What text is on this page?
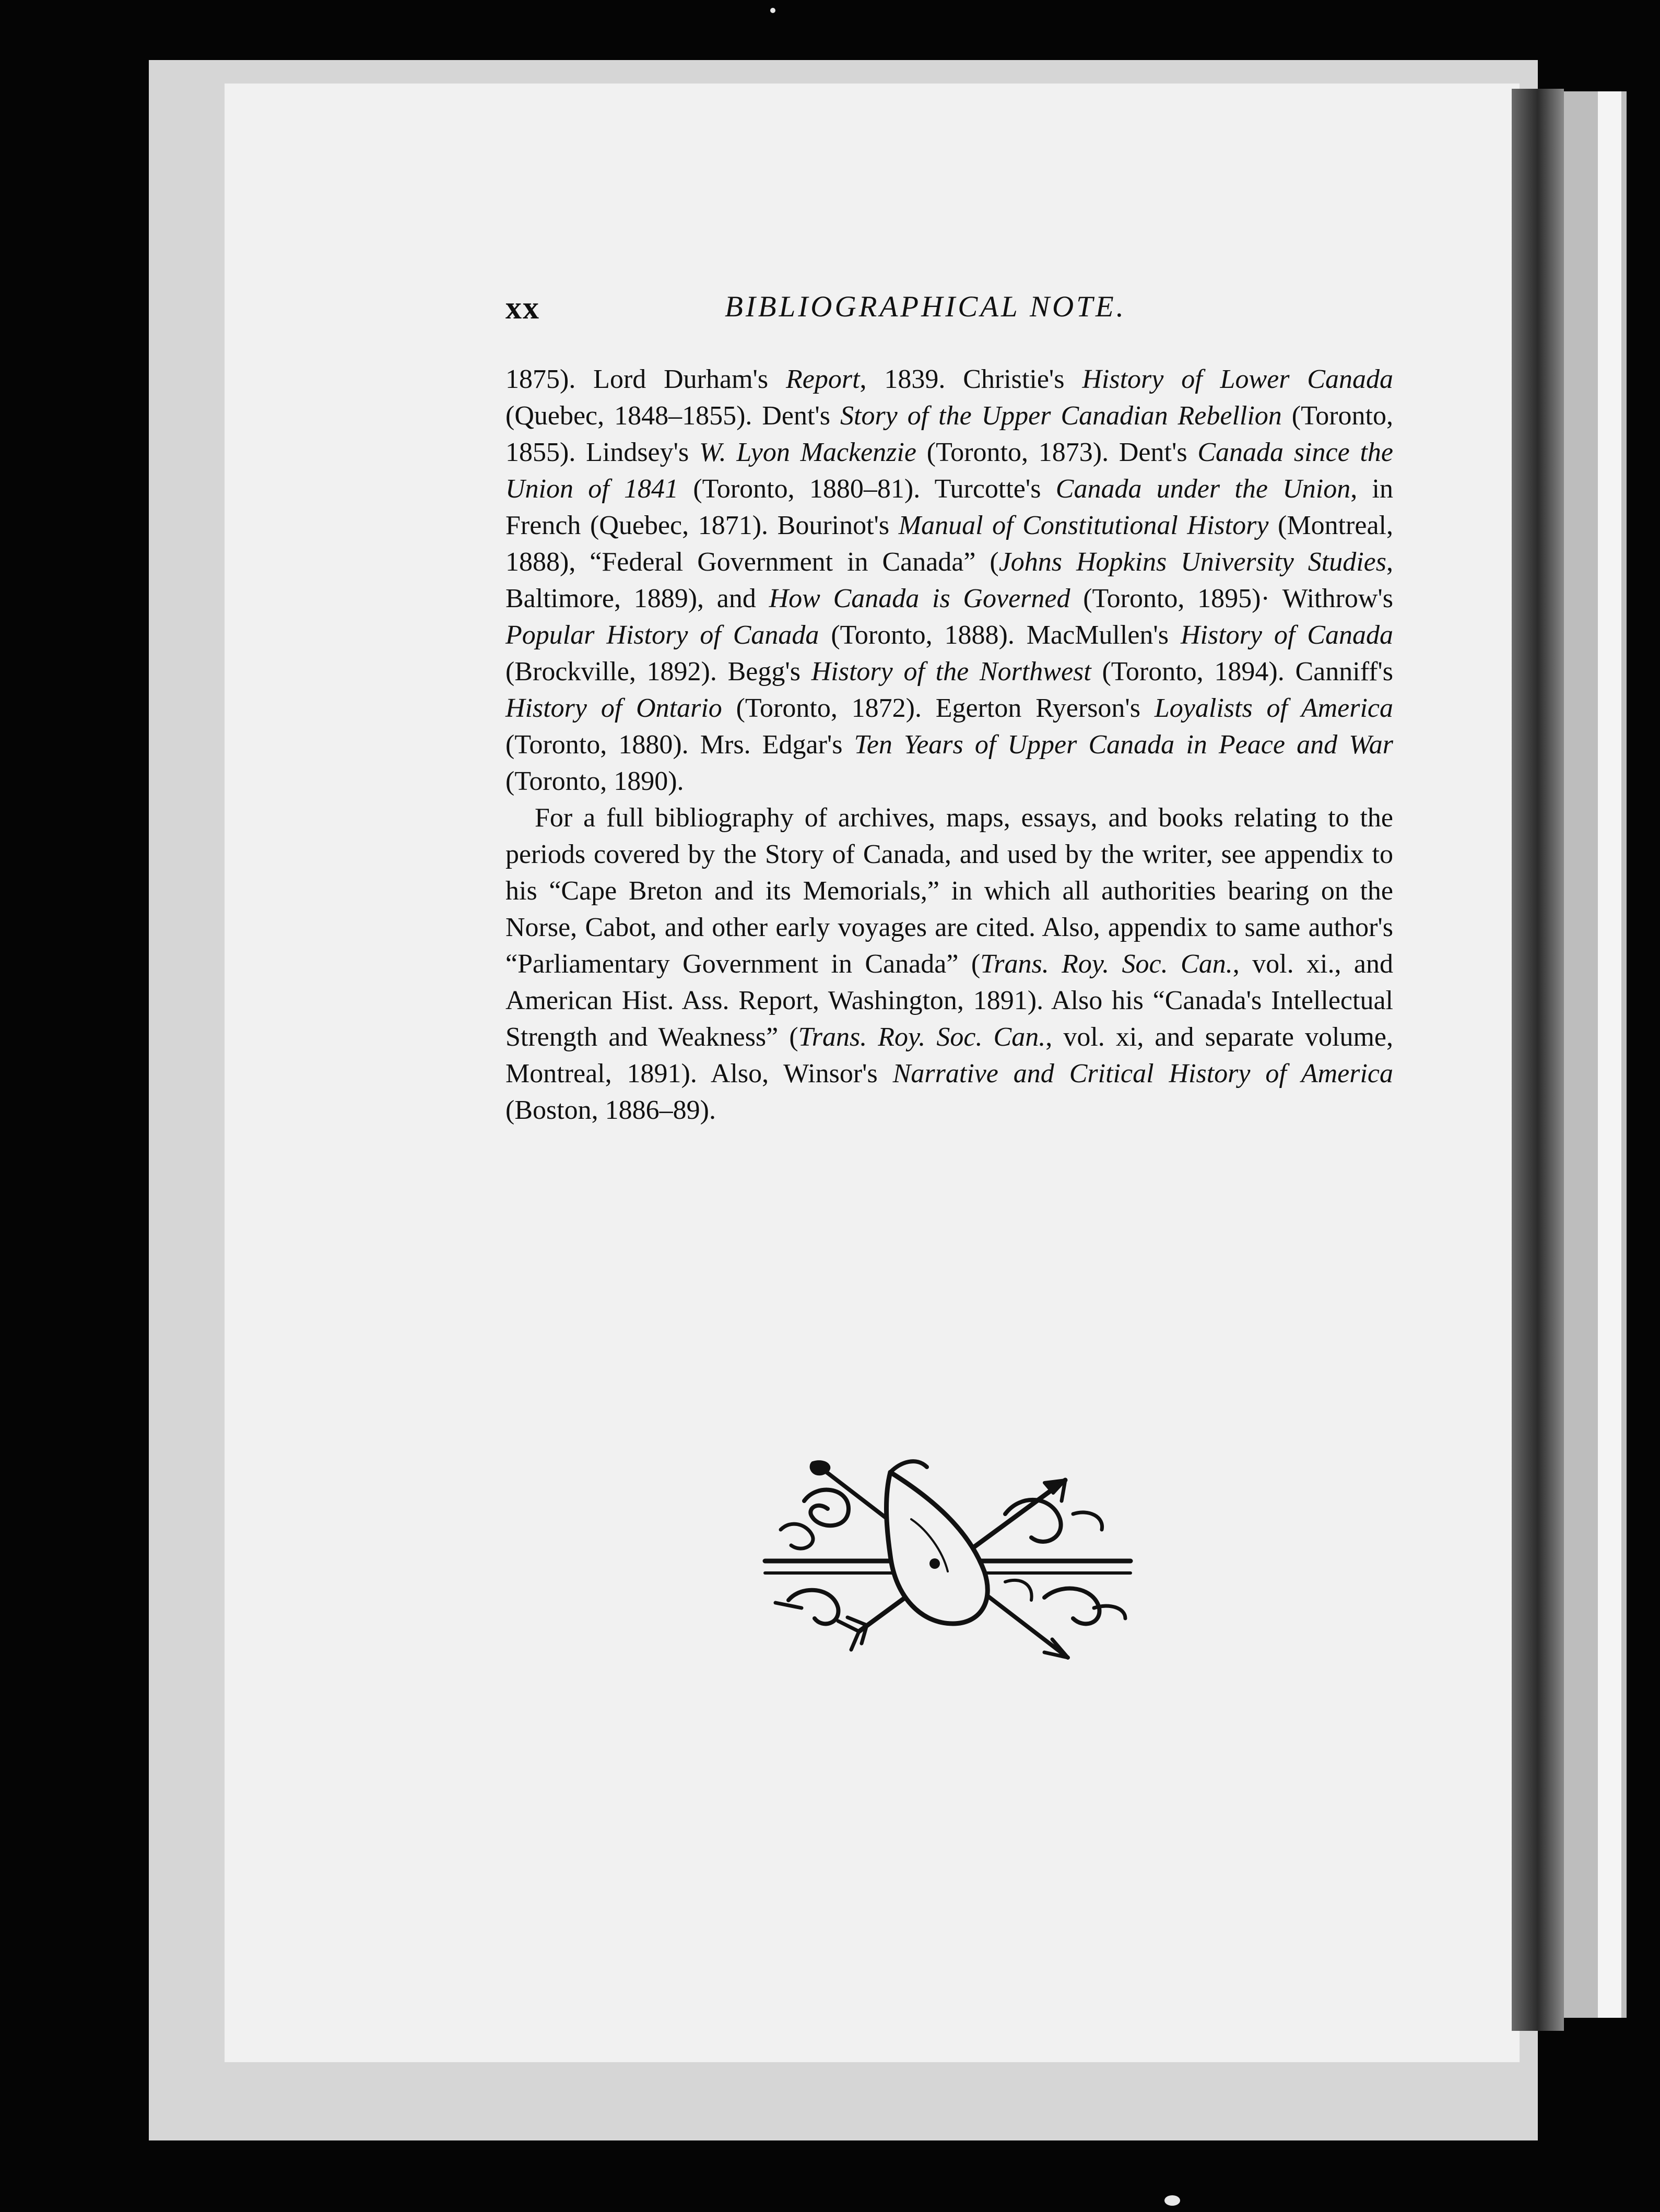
xx	BIBLIOGRAPHICAL NOTE.

1875). Lord Durham's Report, 1839. Christie's History of Lower Canada (Quebec, 1848–1855). Dent's Story of the Upper Canadian Rebellion (Toronto, 1855). Lindsey's W. Lyon Mackenzie (Toronto, 1873). Dent's Canada since the Union of 1841 (Toronto, 1880–81). Turcotte's Canada under the Union, in French (Quebec, 1871). Bourinot's Manual of Constitutional History (Montreal, 1888), “Federal Government in Canada” (Johns Hopkins University Studies, Baltimore, 1889), and How Canada is Governed (Toronto, 1895)· Withrow's Popular History of Canada (Toronto, 1888). MacMullen's History of Canada (Brockville, 1892). Begg's History of the Northwest (Toronto, 1894). Canniff's History of Ontario (Toronto, 1872). Egerton Ryerson's Loyalists of America (Toronto, 1880). Mrs. Edgar's Ten Years of Upper Canada in Peace and War (Toronto, 1890).

For a full bibliography of archives, maps, essays, and books relating to the periods covered by the Story of Canada, and used by the writer, see appendix to his “Cape Breton and its Memorials,” in which all authorities bearing on the Norse, Cabot, and other early voyages are cited. Also, appendix to same author's “Parliamentary Government in Canada” (Trans. Roy. Soc. Can., vol. xi., and American Hist. Ass. Report, Washington, 1891). Also his “Canada's Intellectual Strength and Weakness” (Trans. Roy. Soc. Can., vol. xi, and separate volume, Montreal, 1891). Also, Winsor's Narrative and Critical History of America (Boston, 1886–89).
